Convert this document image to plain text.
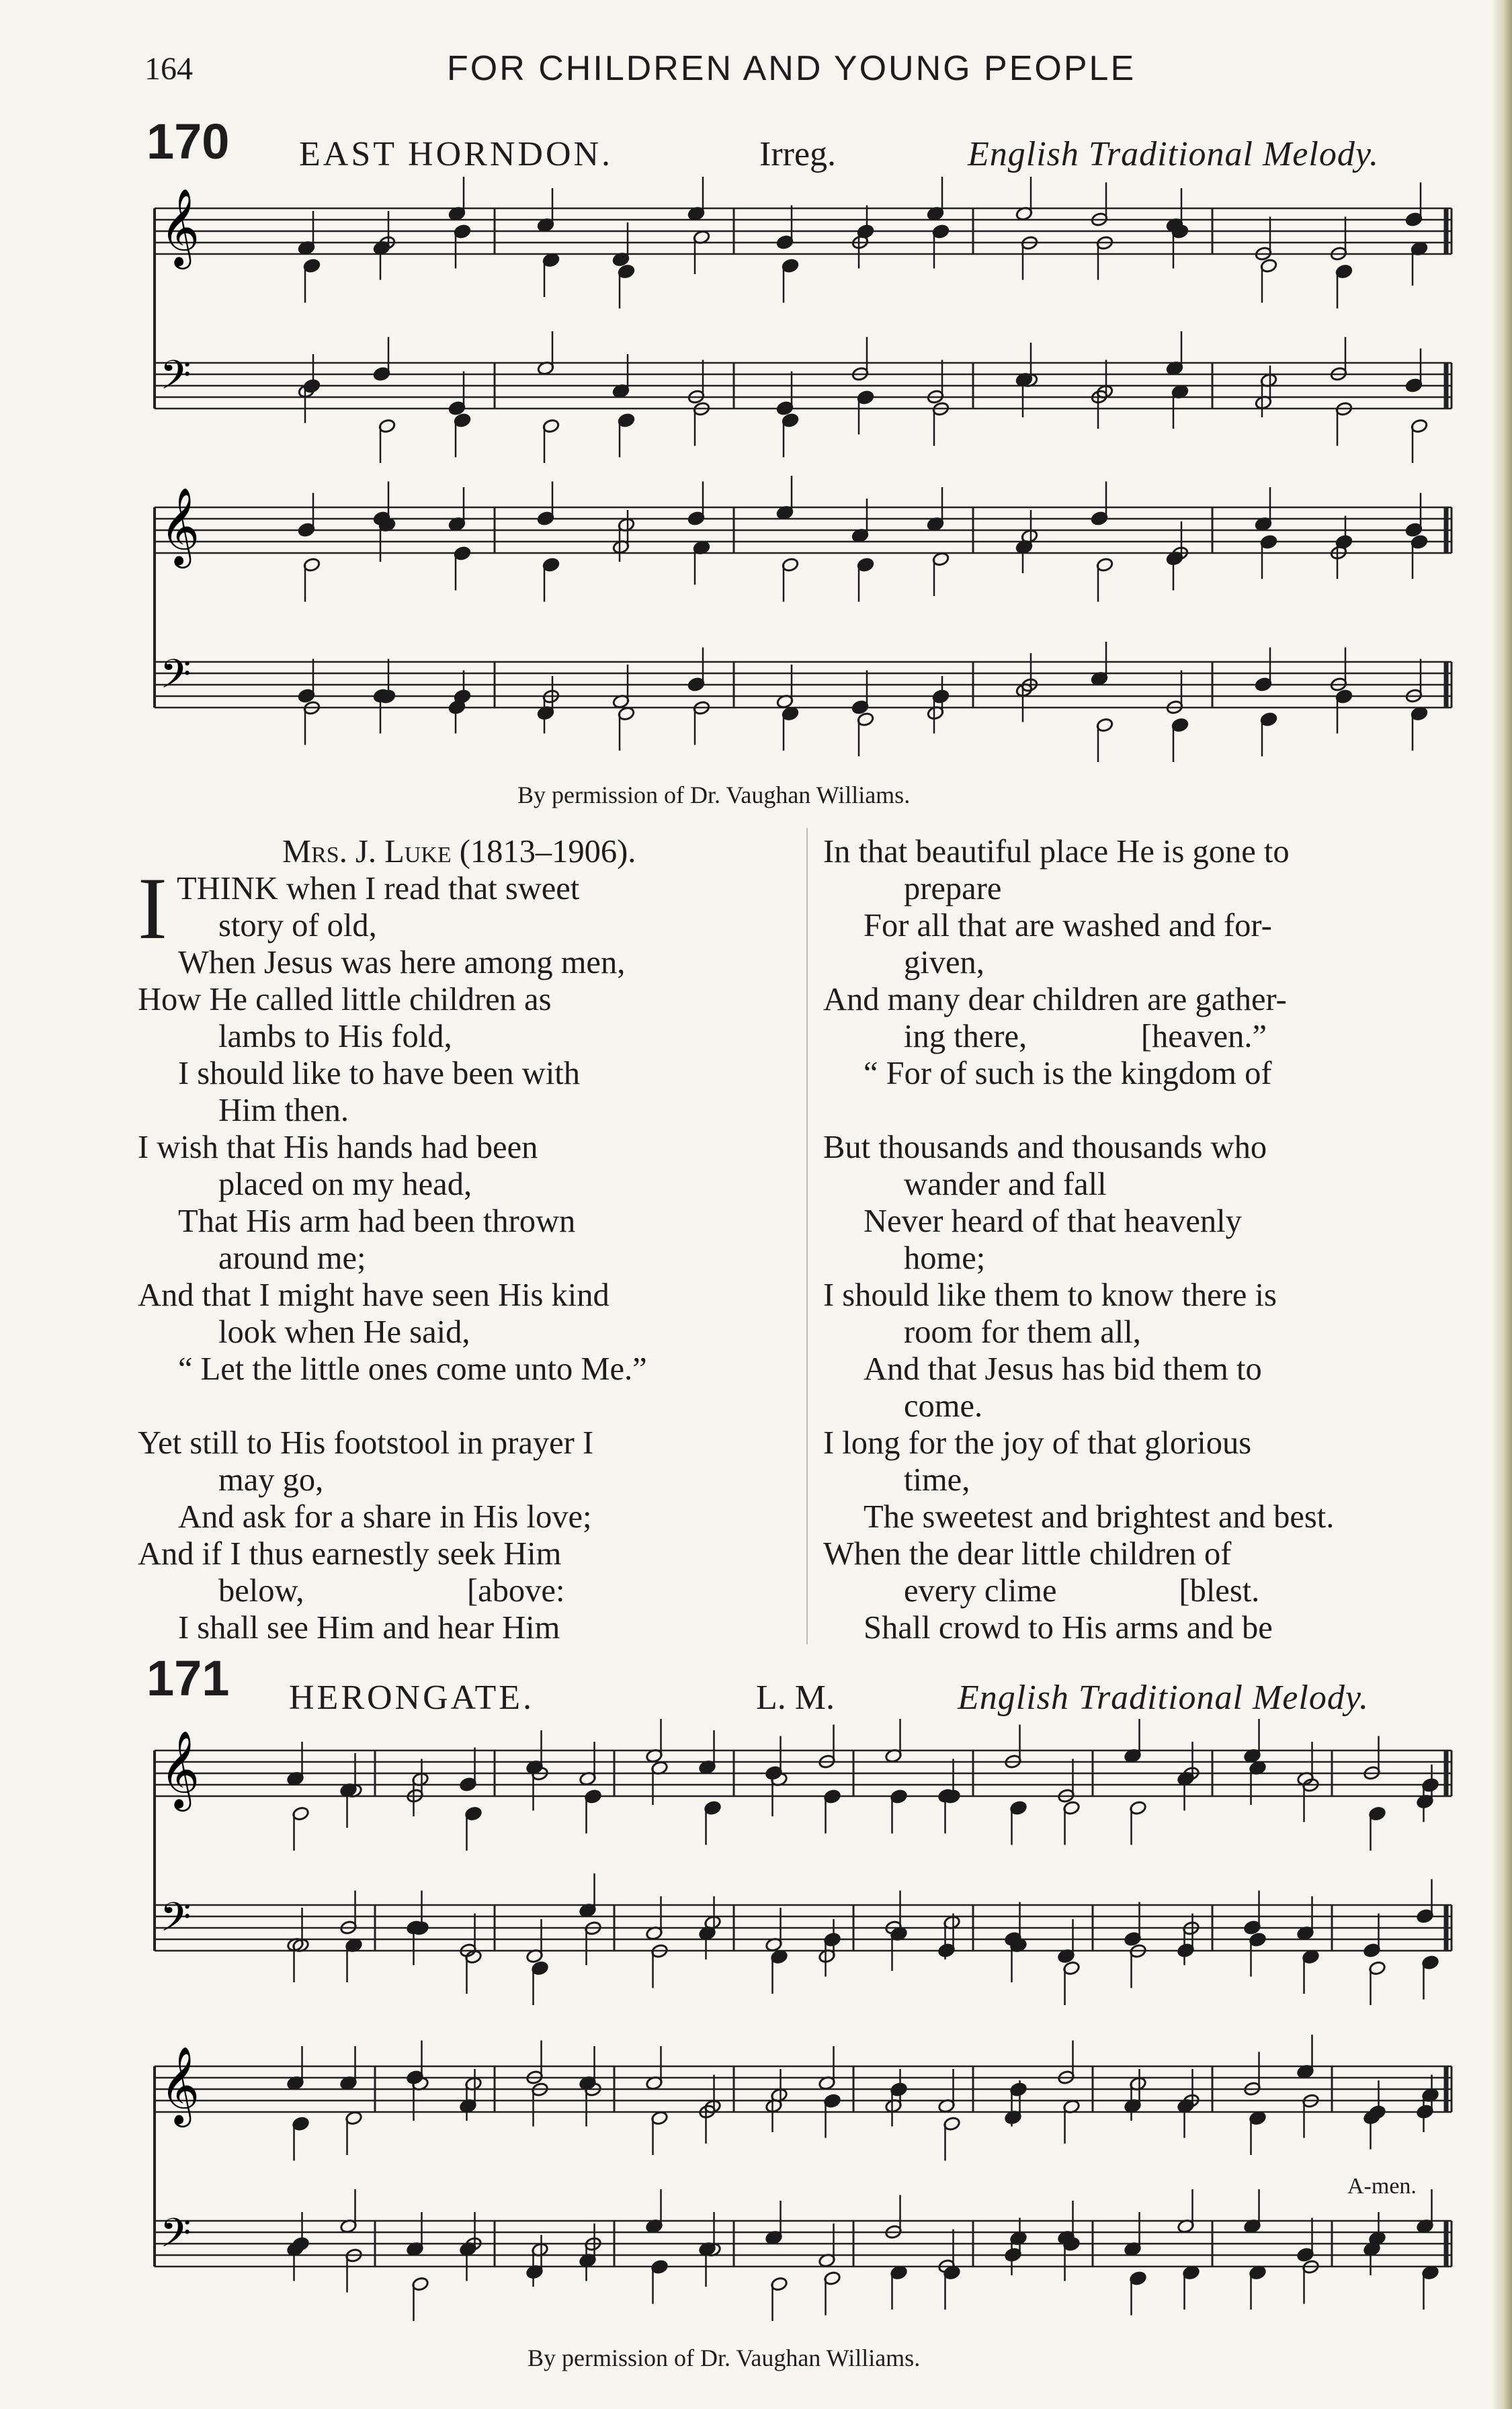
164	FOR CHILDREN AND YOUNG PEOPLE
170 EAST HORNDON.	Irreg.	English Traditional Melody.
𝄞
𝄢
𝄞
𝄢
By permission of Dr. Vaughan Williams.

Mrs. J. Luke (1813–1906).

ITHINK when I read that sweet

story of old,

When Jesus was here among men,

How He called little children as

lambs to His fold,

I should like to have been with

Him then.

I wish that His hands had been

placed on my head,

That His arm had been thrown

around me;

And that I might have seen His kind

look when He said,

“ Let the little ones come unto Me.”

Yet still to His footstool in prayer I

may go,

And ask for a share in His love;

And if I thus earnestly seek Him

below,                    [above:

I shall see Him and hear Him

In that beautiful place He is gone to

prepare

For all that are washed and for-

given,

And many dear children are gather-

ing there,              [heaven.”

“ For of such is the kingdom of

But thousands and thousands who

wander and fall

Never heard of that heavenly

home;

I should like them to know there is

room for them all,

And that Jesus has bid them to

come.

I long for the joy of that glorious

time,

The sweetest and brightest and best.

When the dear little children of

every clime               [blest.

Shall crowd to His arms and be

171 HERONGATE.	L. M.	English Traditional Melody.
𝄞
𝄢
𝄞
𝄢
A-men.
By permission of Dr. Vaughan Williams.
